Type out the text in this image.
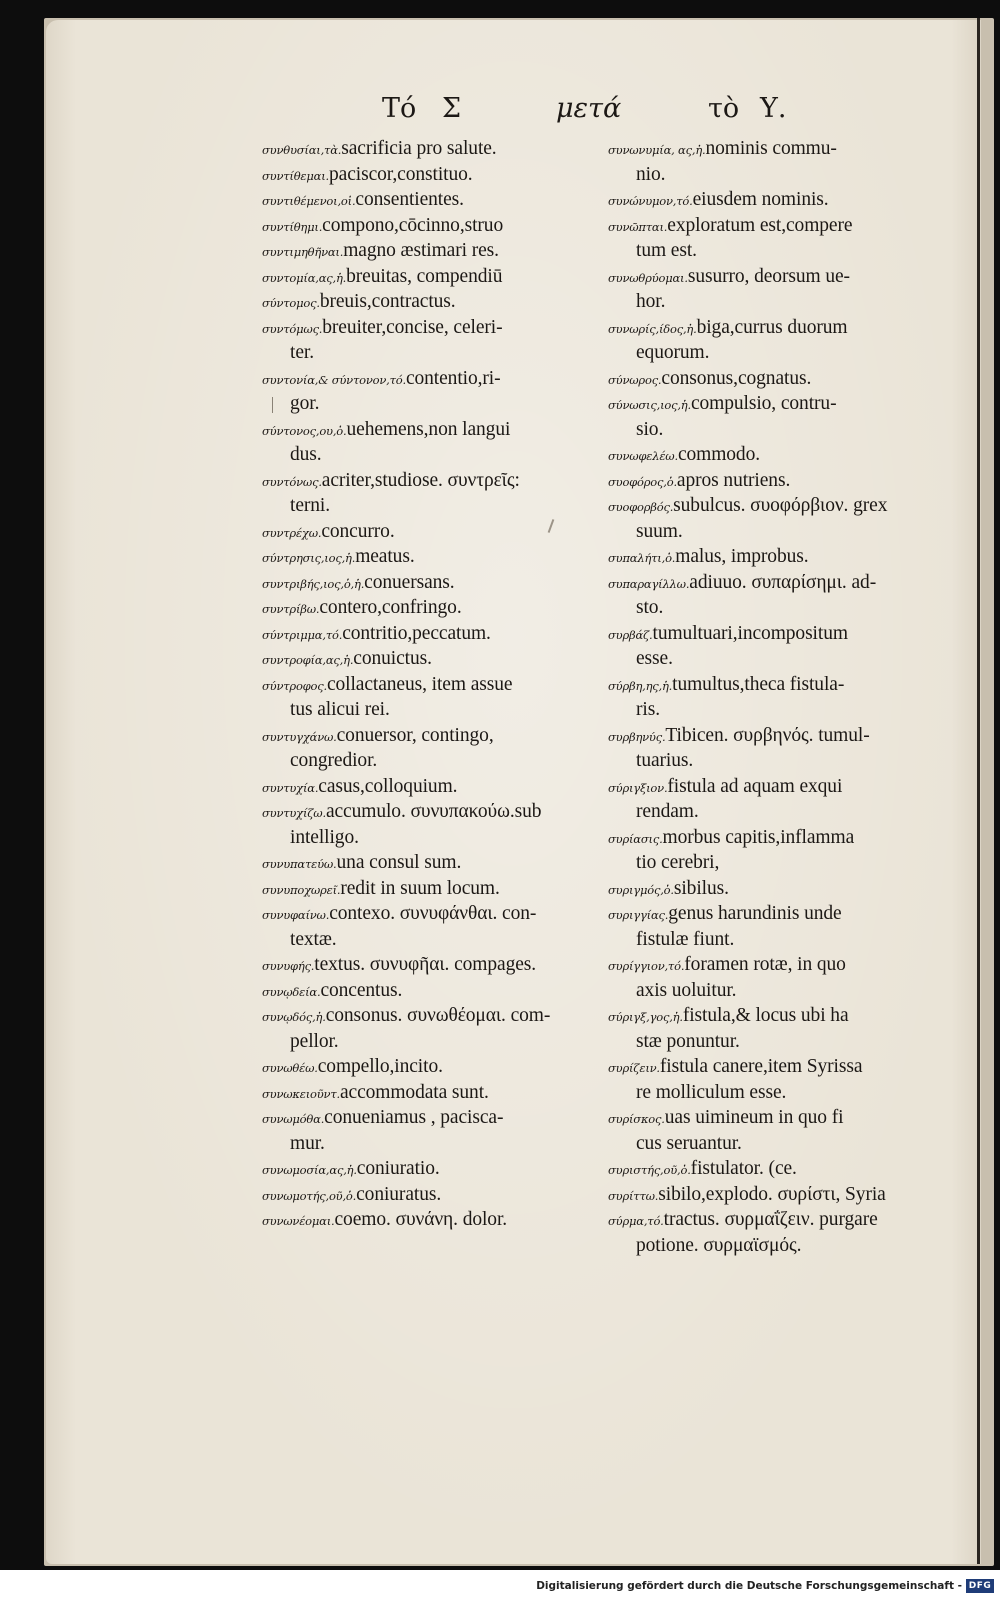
Τό Σ	μετά	τὸ Υ.
συνθυσίαι,τὰ.sacrificia pro salute.
συντίθεμαι.paciscor,constituo.
συντιθέμενοι,οἱ.consentientes.
συντίθημι.compono,cōcinno,struo
συντιμηθῆναι.magno æstimari res.
συντομία,ας,ἡ.breuitas, compendiū
σύντομος.breuis,contractus.
συντόμως.breuiter,concise, celeri-
ter.
συντονία,& σύντονον,τό.contentio,ri-
gor.
σύντονος,ου,ὁ.uehemens,non langui
dus.
συντόνως.acriter,studiose. συντρεῖς:
terni.
συντρέχω.concurro.
σύντρησις,ιος,ἡ.meatus.
συντριβής,ιος,ὁ,ἡ.conuersans.
συντρίβω.contero,confringo.
σύντριμμα,τό.contritio,peccatum.
συντροφία,ας,ἡ.conuictus.
σύντροφος.collactaneus, item assue
tus alicui rei.
συντυγχάνω.conuersor, contingo,
congredior.
συντυχία.casus,colloquium.
συντυχίζω.accumulo. συνυπακούω.sub
intelligo.
συνυπατεύω.una consul sum.
συνυποχωρεῖ.redit in suum locum.
συνυφαίνω.contexo. συνυφάνθαι. con-
textæ.
συνυφής.textus. συνυφῆαι. compages.
συνῳδεία.concentus.
συνῳδός,ἡ.consonus. συνωθέομαι. com-
pellor.
συνωθέω.compello,incito.
συνωκειοῦντ.accommodata sunt.
συνωμόθα.conueniamus , pacisca-
mur.
συνωμοσία,ας,ἡ.coniuratio.
συνωμοτής,οῦ,ὁ.coniuratus.
συνωνέομαι.coemo. συνάνη. dolor.
συνωνυμία, ας,ἡ.nominis commu-
nio.
συνώνυμον,τό.eiusdem nominis.
συνῶπται.exploratum est,compere
tum est.
συνωθρύομαι.susurro, deorsum ue-
hor.
συνωρίς,ίδος,ἡ.biga,currus duorum
equorum.
σύνωρος.consonus,cognatus.
σύνωσις,ιος,ἡ.compulsio, contru-
sio.
συνωφελέω.commodo.
συοφόρος,ὁ.apros nutriens.
συοφορβός.subulcus. συοφόρβιον. grex
suum.
συπαλήτι,ὁ.malus, improbus.
συπαραγίλλω.adiuuo. συπαρίσημι. ad-
sto.
συρβάζ.tumultuari,incompositum
esse.
σύρβη,ης,ἡ.tumultus,theca fistula-
ris.
συρβηνύς.Tibicen. συρβηνός. tumul-
tuarius.
σύριγξιον.fistula ad aquam exqui
rendam.
συρίασις.morbus capitis,inflamma
tio cerebri,
συριγμός,ὁ.sibilus.
συριγγίας.genus harundinis unde
fistulæ fiunt.
συρίγγιον,τό.foramen rotæ, in quo
axis uoluitur.
σύριγξ,γος,ἡ.fistula,& locus ubi ha
stæ ponuntur.
συρίζειν.fistula canere,item Syrissa
re molliculum esse.
συρίσκος.uas uimineum in quo fi
cus seruantur.
συριστής,οῦ,ὁ.fistulator. (ce.
συρίττω.sibilo,explodo. συρίστι, Syria
σύρμα,τό.tractus. συρμαΐζειν. purgare
potione. συρμαϊσμός.
Digitalisierung gefördert durch die Deutsche Forschungsgemeinschaft - DFG
